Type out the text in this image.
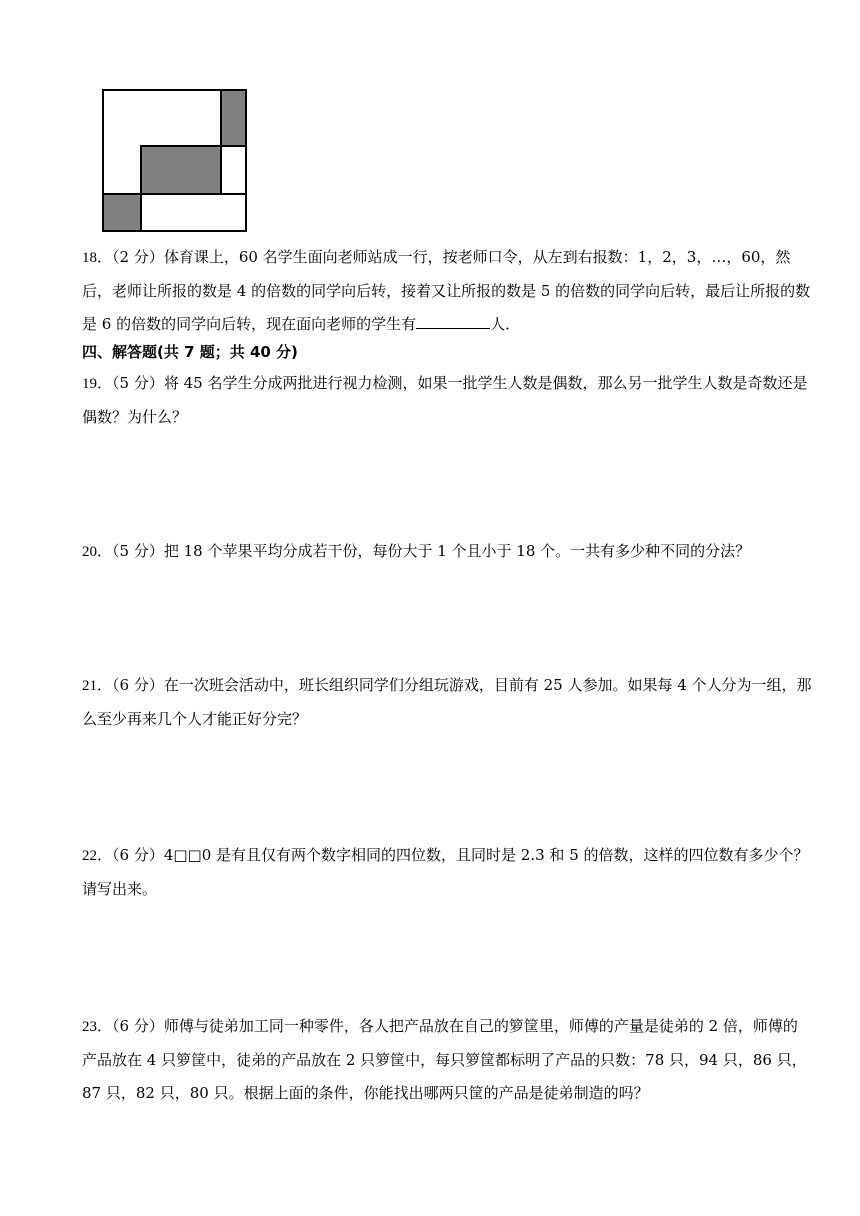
18．（2 分）体育课上，60 名学生面向老师站成一行，按老师口令，从左到右报数：1，2，3，…，60，然后，老师让所报的数是 4 的倍数的同学向后转，接着又让所报的数是 5 的倍数的同学向后转，最后让所报的数是 6 的倍数的同学向后转，现在面向老师的学生有	人．

四、解答题(共 7 题；共 40 分)

19．（5 分）将 45 名学生分成两批进行视力检测，如果一批学生人数是偶数，那么另一批学生人数是奇数还是偶数？为什么？

20．（5 分）把 18 个苹果平均分成若干份，每份大于 1 个且小于 18 个。一共有多少种不同的分法？

21．（6 分）在一次班会活动中，班长组织同学们分组玩游戏，目前有 25 人参加。如果每 4 个人分为一组，那么至少再来几个人才能正好分完？

22．（6 分）4□□0 是有且仅有两个数字相同的四位数，且同时是 2.3 和 5 的倍数，这样的四位数有多少个？请写出来。

23．（6 分）师傅与徒弟加工同一种零件，各人把产品放在自己的箩筐里，师傅的产量是徒弟的 2 倍，师傅的产品放在 4 只箩筐中，徒弟的产品放在 2 只箩筐中，每只箩筐都标明了产品的只数：78 只，94 只，86 只，87 只，82 只，80 只。根据上面的条件，你能找出哪两只筐的产品是徒弟制造的吗？
